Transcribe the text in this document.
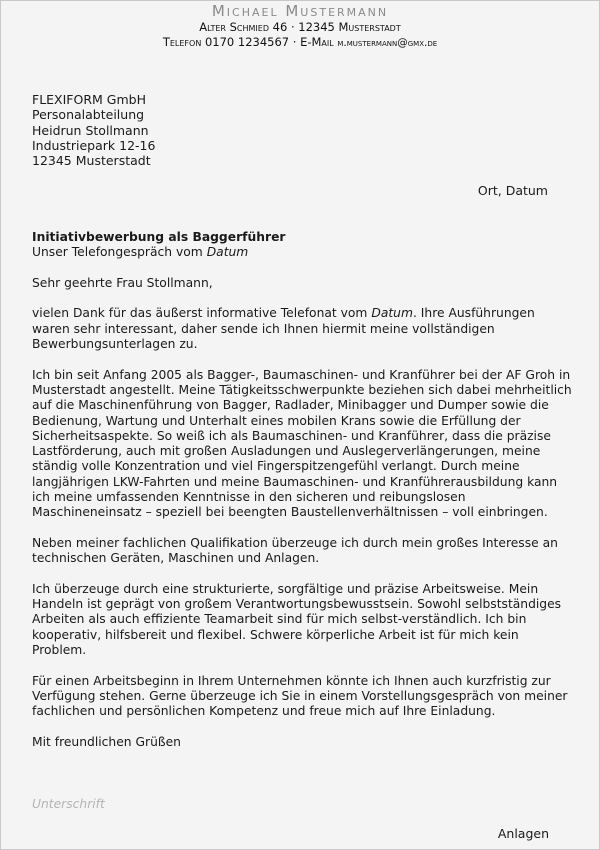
Michael Mustermann
Alter Schmied 46 · 12345 Musterstadt
Telefon 0170 1234567 · E-Mail m.mustermann@gmx.de
FLEXIFORM GmbH
Personalabteilung
Heidrun Stollmann
Industriepark 12-16
12345 Musterstadt
Ort, Datum

Initiativbewerbung als Baggerführer
Unser Telefongespräch vom Datum

Sehr geehrte Frau Stollmann,

vielen Dank für das äußerst informative Telefonat vom Datum. Ihre Ausführungen waren sehr interessant, daher sende ich Ihnen hiermit meine vollständigen Bewerbungsunterlagen zu.

Ich bin seit Anfang 2005 als Bagger-, Baumaschinen- und Kranführer bei der AF Groh in Musterstadt angestellt. Meine Tätigkeitsschwerpunkte beziehen sich dabei mehrheitlich auf die Maschinenführung von Bagger, Radlader, Minibagger und Dumper sowie die Bedienung, Wartung und Unterhalt eines mobilen Krans sowie die Erfüllung der Sicherheitsaspekte. So weiß ich als Baumaschinen- und Kranführer, dass die präzise Lastförderung, auch mit großen Ausladungen und Auslegerverlängerungen, meine ständig volle Konzentration und viel Fingerspitzengefühl verlangt. Durch meine langjährigen LKW-Fahrten und meine Baumaschinen- und Kranführerausbildung kann ich meine umfassenden Kenntnisse in den sicheren und reibungslosen Maschineneinsatz – speziell bei beengten Baustellenverhältnissen – voll einbringen.

Neben meiner fachlichen Qualifikation überzeuge ich durch mein großes Interesse an technischen Geräten, Maschinen und Anlagen.

Ich überzeuge durch eine strukturierte, sorgfältige und präzise Arbeitsweise. Mein Handeln ist geprägt von großem Verantwortungsbewusstsein. Sowohl selbstständiges Arbeiten als auch effiziente Teamarbeit sind für mich selbst-verständlich. Ich bin kooperativ, hilfsbereit und flexibel. Schwere körperliche Arbeit ist für mich kein Problem.

Für einen Arbeitsbeginn in Ihrem Unternehmen könnte ich Ihnen auch kurzfristig zur Verfügung stehen. Gerne überzeuge ich Sie in einem Vorstellungsgespräch von meiner fachlichen und persönlichen Kompetenz und freue mich auf Ihre Einladung.

Mit freundlichen Grüßen

Unterschrift
Anlagen
